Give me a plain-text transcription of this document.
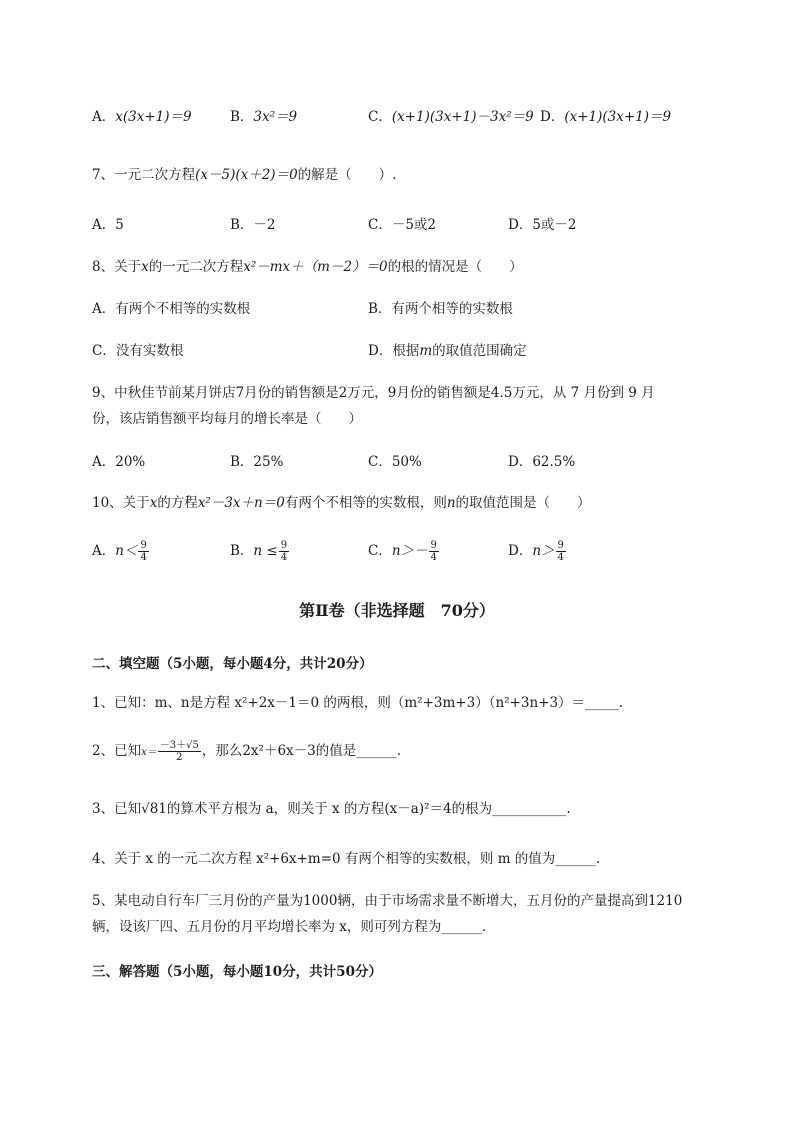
A．x(3x+1)＝9	B．3x²＝9	C．(x+1)(3x+1)－3x²＝9 D．(x+1)(3x+1)＝9
7、一元二次方程(x－5)(x＋2)＝0的解是（　　）.
A．5	B．－2	C．－5或2	D．5或－2
8、关于x的一元二次方程x²－mx＋（m－2）＝0的根的情况是（　　）
A．有两个不相等的实数根	B．有两个相等的实数根
C．没有实数根	D．根据m的取值范围确定
9、中秋佳节前某月饼店7月份的销售额是2万元，9月份的销售额是4.5万元，从 7 月份到 9 月
份，该店销售额平均每月的增长率是（　　）
A．20%	B．25%	C．50%	D．62.5%
10、关于x的方程x²－3x＋n＝0有两个不相等的实数根，则n的取值范围是（　　）
A．$n< \frac{9}{4}$	B．$n \le \frac{9}{4}$	C．$n>- \frac{9}{4}$	D．$n> \frac{9}{4}$
第Ⅱ卷（非选择题　70分）
二、填空题（5小题，每小题4分，共计20分）
1、已知：m、n是方程 x²+2x－1＝0 的两根，则（m²+3m+3）（n²+3n+3）＝_____.
2、已知$x= \frac{-3+√5}{2}$ ，那么2x²＋6x－3的值是______.
3、已知√81的算术平方根为 a，则关于 x 的方程(x－a)²＝4的根为___________.
4、关于 x 的一元二次方程 x²+6x+m=0 有两个相等的实数根，则 m 的值为______.
5、某电动自行车厂三月份的产量为1000辆，由于市场需求量不断增大，五月份的产量提高到1210
辆，设该厂四、五月份的月平均增长率为 x，则可列方程为______.
三、解答题（5小题，每小题10分，共计50分）
